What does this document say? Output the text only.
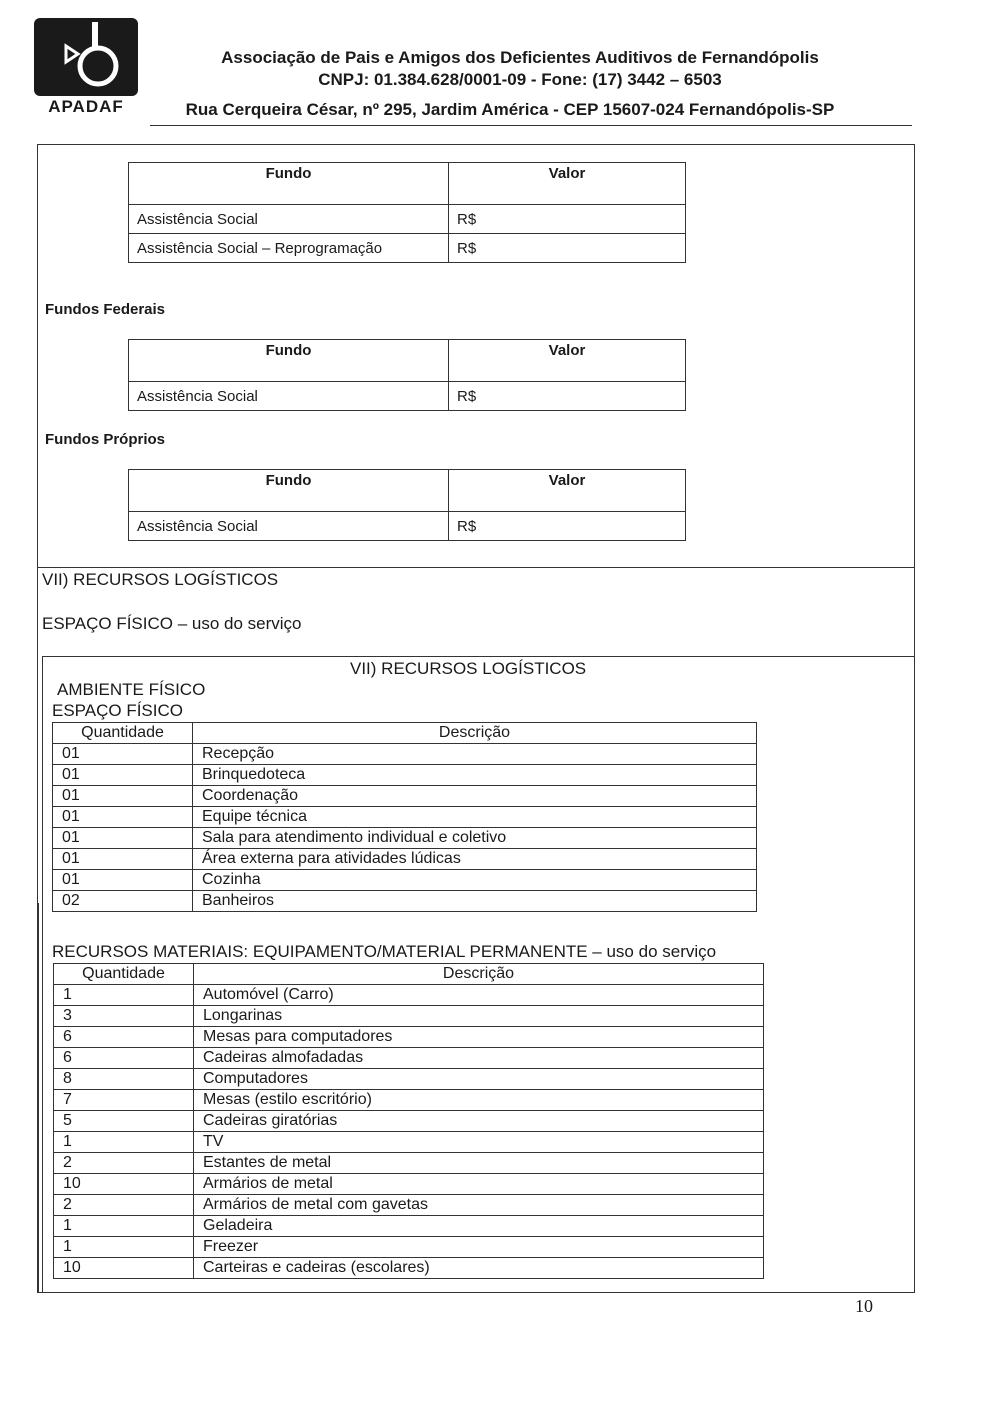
APADAF
Associação de Pais e Amigos dos Deficientes Auditivos de Fernandópolis
CNPJ: 01.384.628/0001-09 - Fone: (17) 3442 – 6503
Rua Cerqueira César, nº 295, Jardim América - CEP 15607-024 Fernandópolis-SP
Fundo	Valor
Assistência Social	R$
Assistência Social – Reprogramação	R$
Fundos Federais
Fundo	Valor
Assistência Social	R$
Fundos Próprios
Fundo	Valor
Assistência Social	R$
VII) RECURSOS LOGÍSTICOS
ESPAÇO FÍSICO – uso do serviço
VII) RECURSOS LOGÍSTICOS
AMBIENTE FÍSICO
ESPAÇO FÍSICO
Quantidade	Descrição
01	Recepção
01	Brinquedoteca
01	Coordenação
01	Equipe técnica
01	Sala para atendimento individual e coletivo
01	Área externa para atividades lúdicas
01	Cozinha
02	Banheiros
RECURSOS MATERIAIS: EQUIPAMENTO/MATERIAL PERMANENTE – uso do serviço
Quantidade	Descrição
1	Automóvel (Carro)
3	Longarinas
6	Mesas para computadores
6	Cadeiras almofadadas
8	Computadores
7	Mesas (estilo escritório)
5	Cadeiras giratórias
1	TV
2	Estantes de metal
10	Armários de metal
2	Armários de metal com gavetas
1	Geladeira
1	Freezer
10	Carteiras e cadeiras (escolares)
10
